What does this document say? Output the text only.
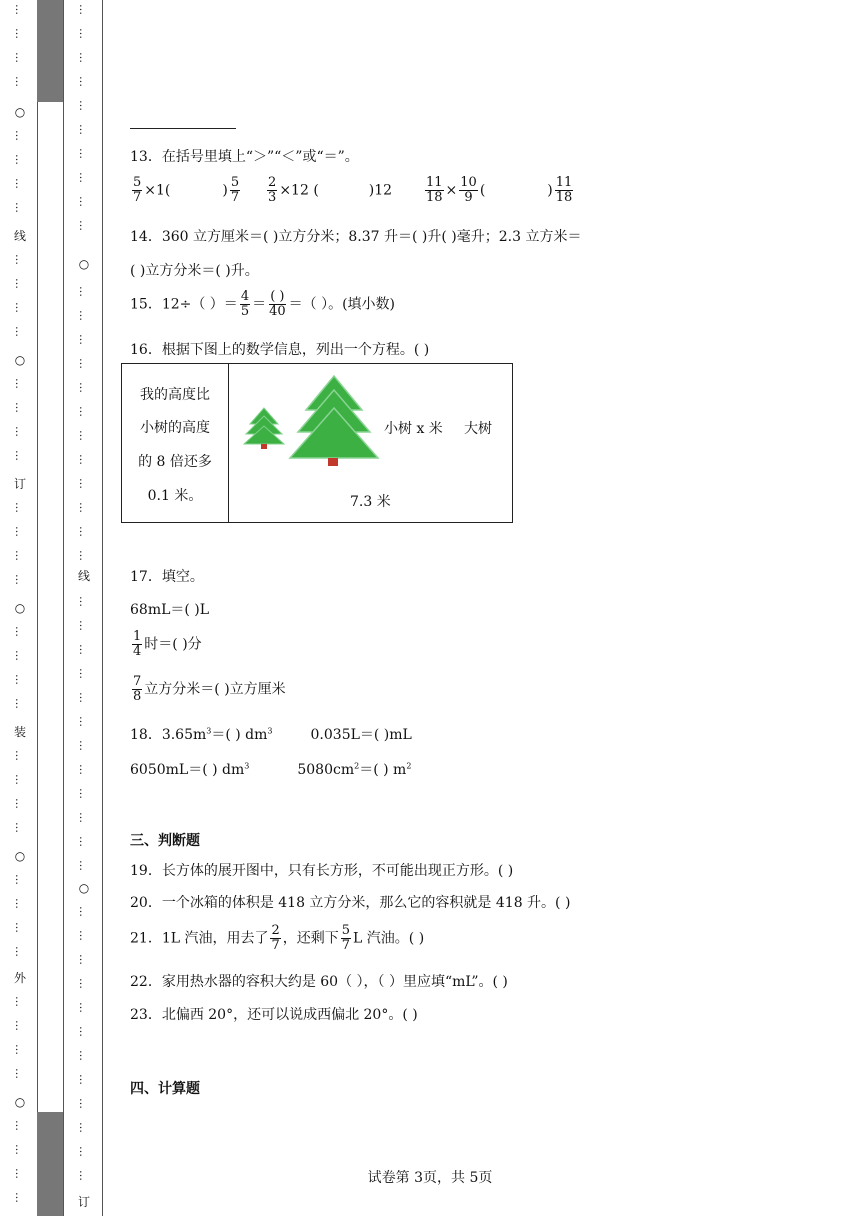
…
…
…
…
…
…
…
…
…
…
…
…
…
…
…
…
…
…
…
…
…
…
…
…
…
…
…
…
…
…
…
…
…
…
…
…
…
…
…
…
…
…
…
…
…
…
…
…
…
…
…
…
…
…
…
…
…
…
…
…
…
…
…
…
…
…
…
…
…
…
…
…
…
…
…
…
…
…
…
…
…
…
…
…
…
…
○
线
○
订
○
装
○
外
○
○
线
○
订
13．在括号里填上“＞”“＜”或“＝”。
$\frac{5}{7} \times 1$(	) $\frac{5}{7}$
$\frac{2}{3} \times 12$ (	)12	$\frac{11}{18} \times \frac{10}{9}$ (	) $\frac{11}{18}$
14．360 立方厘米＝( )立方分米；8.37 升＝( )升( )毫升；2.3 立方米＝
( )立方分米＝( )升。
15．12÷（ ）＝ $\frac{4}{5} = \frac{( )}{40}$ ＝（ ）。(填小数)
16．根据下图上的数学信息，列出一个方程。( )
我的高度比
小树的高度
的 8 倍还多
0.1 米。
小树 x 米 大树
7.3 米
17．填空。
68mL＝( )L
$\frac{1}{4}$ 时＝( )分
$\frac{7}{8}$ 立方分米＝( )立方厘米
18．$3.65m^3=$( ) $dm^3$	0.035L＝( )mL
6050mL＝( ) $dm^3$	$5080cm^2=$( ) $m^2$
三、判断题
19．长方体的展开图中，只有长方形，不可能出现正方形。( )
20．一个冰箱的体积是 418 立方分米，那么它的容积就是 418 升。( )
21．1L 汽油，用去了 $\frac{2}{7}$ ，还剩下 $\frac{5}{7}$ L 汽油。( )
22．家用热水器的容积大约是 60（ ），（ ）里应填“mL”。( )
23．北偏西 20°，还可以说成西偏北 20°。( )
四、计算题
试卷第 3页，共 5页
